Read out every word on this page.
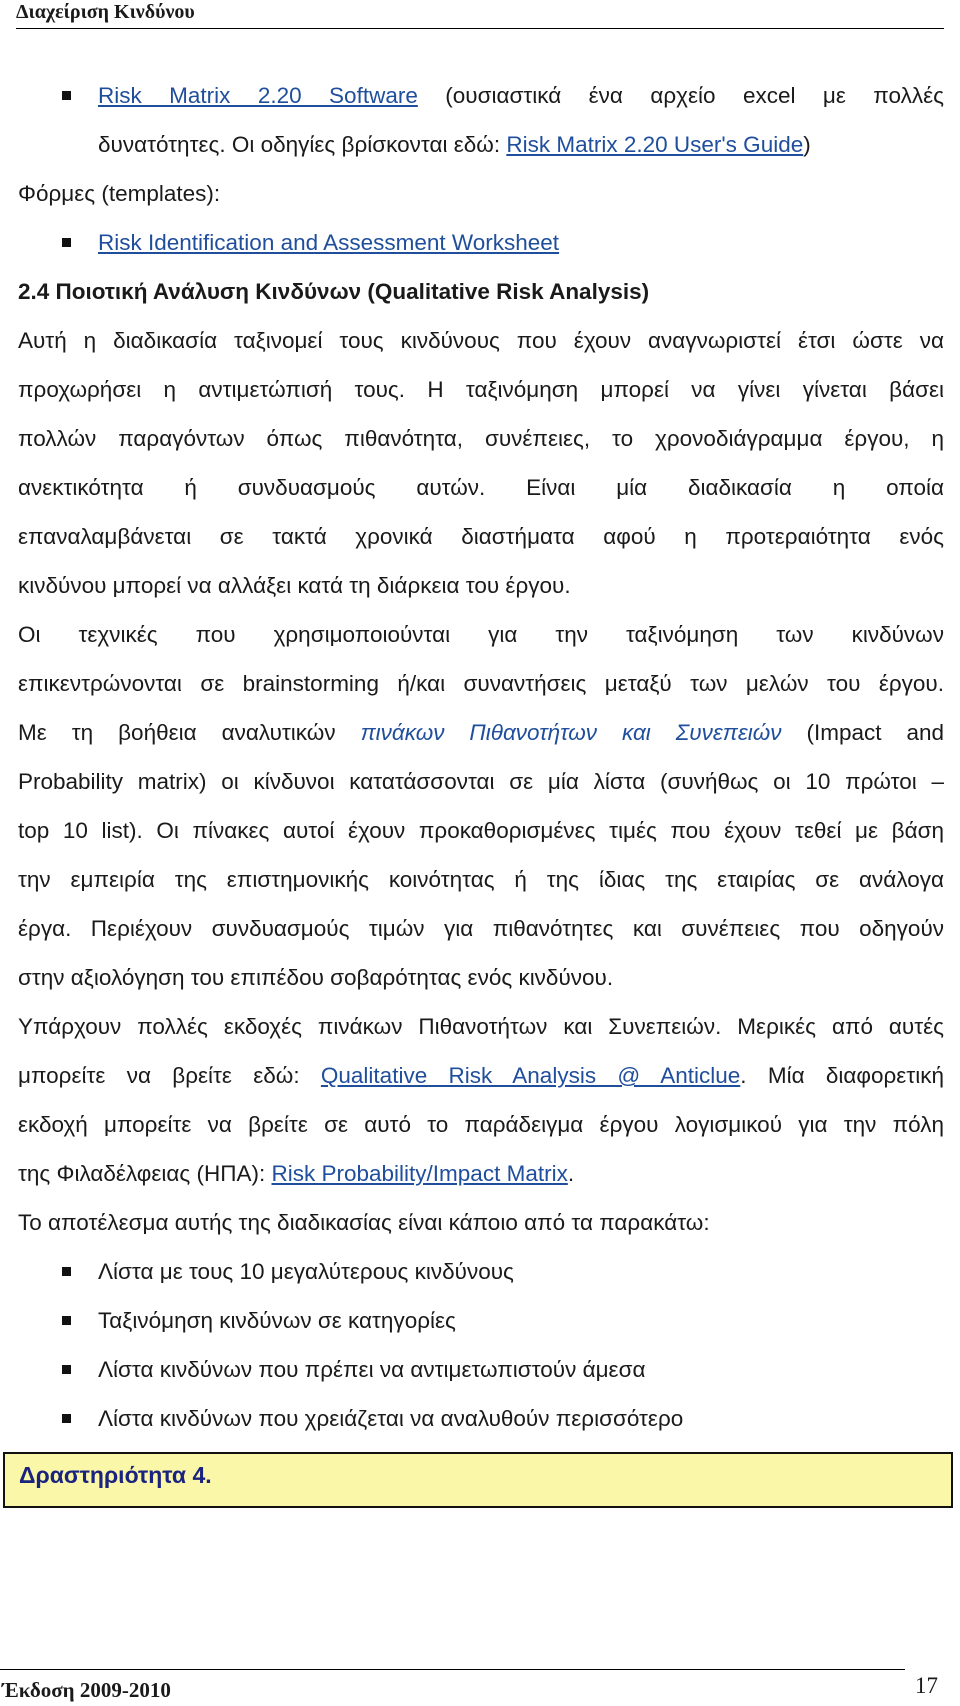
Διαχείριση Κινδύνου
Risk Matrix 2.20 Software (ουσιαστικά ένα αρχείο excel με πολλές
δυνατότητες. Οι οδηγίες βρίσκονται εδώ: Risk Matrix 2.20 User's Guide)
Φόρμες (templates):
Risk Identification and Assessment Worksheet
2.4 Ποιοτική Ανάλυση Κινδύνων (Qualitative Risk Analysis)
Αυτή η διαδικασία ταξινομεί τους κινδύνους που έχουν αναγνωριστεί έτσι ώστε να
προχωρήσει η αντιμετώπισή τους. Η ταξινόμηση μπορεί να γίνει γίνεται βάσει
πολλών παραγόντων όπως πιθανότητα, συνέπειες, το χρονοδιάγραμμα έργου, η
ανεκτικότητα ή συνδυασμούς αυτών. Είναι μία διαδικασία η οποία
επαναλαμβάνεται σε τακτά χρονικά διαστήματα αφού η προτεραιότητα ενός
κινδύνου μπορεί να αλλάξει κατά τη διάρκεια του έργου.
Οι τεχνικές που χρησιμοποιούνται για την ταξινόμηση των κινδύνων
επικεντρώνονται σε brainstorming ή/και συναντήσεις μεταξύ των μελών του έργου.
Με τη βοήθεια αναλυτικών πινάκων Πιθανοτήτων και Συνεπειών (Impact and
Probability matrix) οι κίνδυνοι κατατάσσονται σε μία λίστα (συνήθως οι 10 πρώτοι –
top 10 list). Οι πίνακες αυτοί έχουν προκαθορισμένες τιμές που έχουν τεθεί με βάση
την εμπειρία της επιστημονικής κοινότητας ή της ίδιας της εταιρίας σε ανάλογα
έργα. Περιέχουν συνδυασμούς τιμών για πιθανότητες και συνέπειες που οδηγούν
στην αξιολόγηση του επιπέδου σοβαρότητας ενός κινδύνου.
Υπάρχουν πολλές εκδοχές πινάκων Πιθανοτήτων και Συνεπειών. Μερικές από αυτές
μπορείτε να βρείτε εδώ: Qualitative Risk Analysis @ Anticlue. Μία διαφορετική
εκδοχή μπορείτε να βρείτε σε αυτό το παράδειγμα έργου λογισμικού για την πόλη
της Φιλαδέλφειας (ΗΠΑ): Risk Probability/Impact Matrix.
Το αποτέλεσμα αυτής της διαδικασίας είναι κάποιο από τα παρακάτω:
Λίστα με τους 10 μεγαλύτερους κινδύνους
Ταξινόμηση κινδύνων σε κατηγορίες
Λίστα κινδύνων που πρέπει να αντιμετωπιστούν άμεσα
Λίστα κινδύνων που χρειάζεται να αναλυθούν περισσότερο
Δραστηριότητα 4.
Έκδοση 2009-2010	17
